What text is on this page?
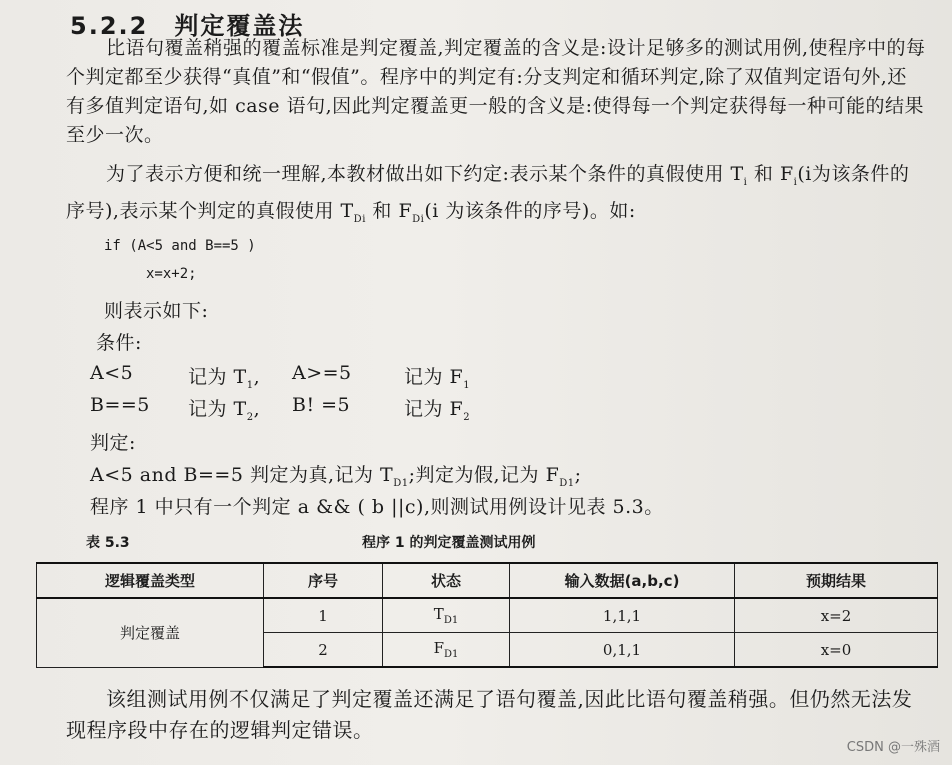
5.2.2 判定覆盖法
比语句覆盖稍强的覆盖标准是判定覆盖,判定覆盖的含义是:设计足够多的测试用例,使程序中的每个判定都至少获得“真值”和“假值”。程序中的判定有:分支判定和循环判定,除了双值判定语句外,还有多值判定语句,如 case 语句,因此判定覆盖更一般的含义是:使得每一个判定获得每一种可能的结果至少一次。
为了表示方便和统一理解,本教材做出如下约定:表示某个条件的真假使用 $T_i$ 和 $F_i(i$为该条件的序号),表示某个判定的真假使用 $T_{Di}$ 和 $F_{Di}(i$ 为该条件的序号)。如:
if (A<5 and B==5 )
x=x+2;
则表示如下:
条件:
A<5	记为 $T_1$, A>=5	记为 $F_1$
B==5 记为 $T_2$, B! =5	记为 $F_2$
判定:
A<5 and B==5 判定为真,记为 $T_{D1}$;判定为假,记为 $F_{D1}$;
程序 1 中只有一个判定 a && ( b ||c),则测试用例设计见表 5.3。
表 5.3	程序 1 的判定覆盖测试用例
逻辑覆盖类型	序号	状态	输入数据(a,b,c)	预期结果
判定覆盖	1	$T_{D1}$	1,1,1	x=2
	2	$F_{D1}$	0,1,1	x=0
该组测试用例不仅满足了判定覆盖还满足了语句覆盖,因此比语句覆盖稍强。但仍然无法发现程序段中存在的逻辑判定错误。
CSDN @一殊酒
